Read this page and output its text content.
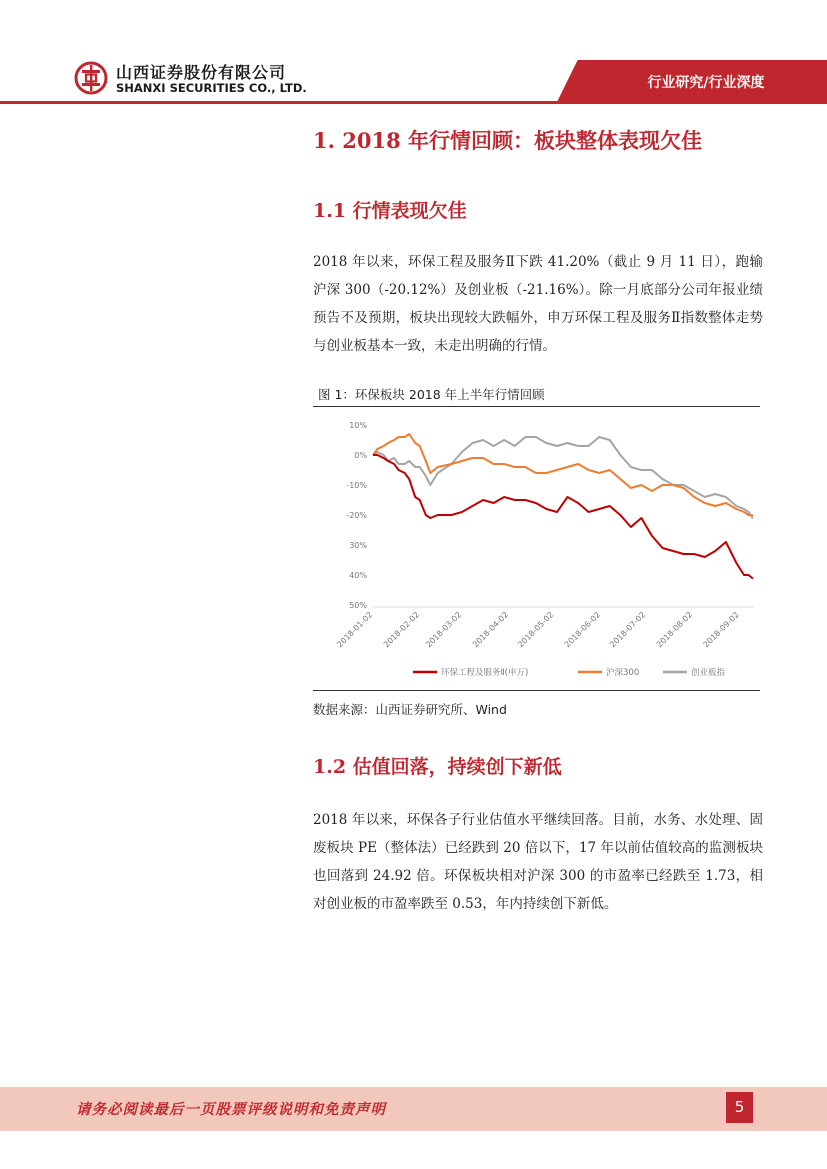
山西证券股份有限公司
SHANXI SECURITIES CO., LTD.	行业研究/行业深度
1. 2018 年行情回顾：板块整体表现欠佳
1.1 行情表现欠佳

2018 年以来，环保工程及服务Ⅱ下跌 41.20%（截止 9 月 11 日），跑输沪深 300（-20.12%）及创业板（-21.16%）。除一月底部分公司年报业绩预告不及预期，板块出现较大跌幅外，申万环保工程及服务Ⅱ指数整体走势与创业板基本一致，未走出明确的行情。

图 1：环保板块 2018 年上半年行情回顾
10%
0%
-10%
-20%
30%
40%
50%
2018-01-02 2018-02-02 2018-03-02 2018-04-02 2018-05-02 2018-06-02 2018-07-02 2018-08-02 2018-09-02
环保工程及服务Ⅱ(申万)	沪深300	创业板指
数据来源：山西证券研究所、Wind
1.2 估值回落，持续创下新低

2018 年以来，环保各子行业估值水平继续回落。目前，水务、水处理、固废板块 PE（整体法）已经跌到 20 倍以下，17 年以前估值较高的监测板块也回落到 24.92 倍。环保板块相对沪深 300 的市盈率已经跌至 1.73，相对创业板的市盈率跌至 0.53，年内持续创下新低。

请务必阅读最后一页股票评级说明和免责声明	5
